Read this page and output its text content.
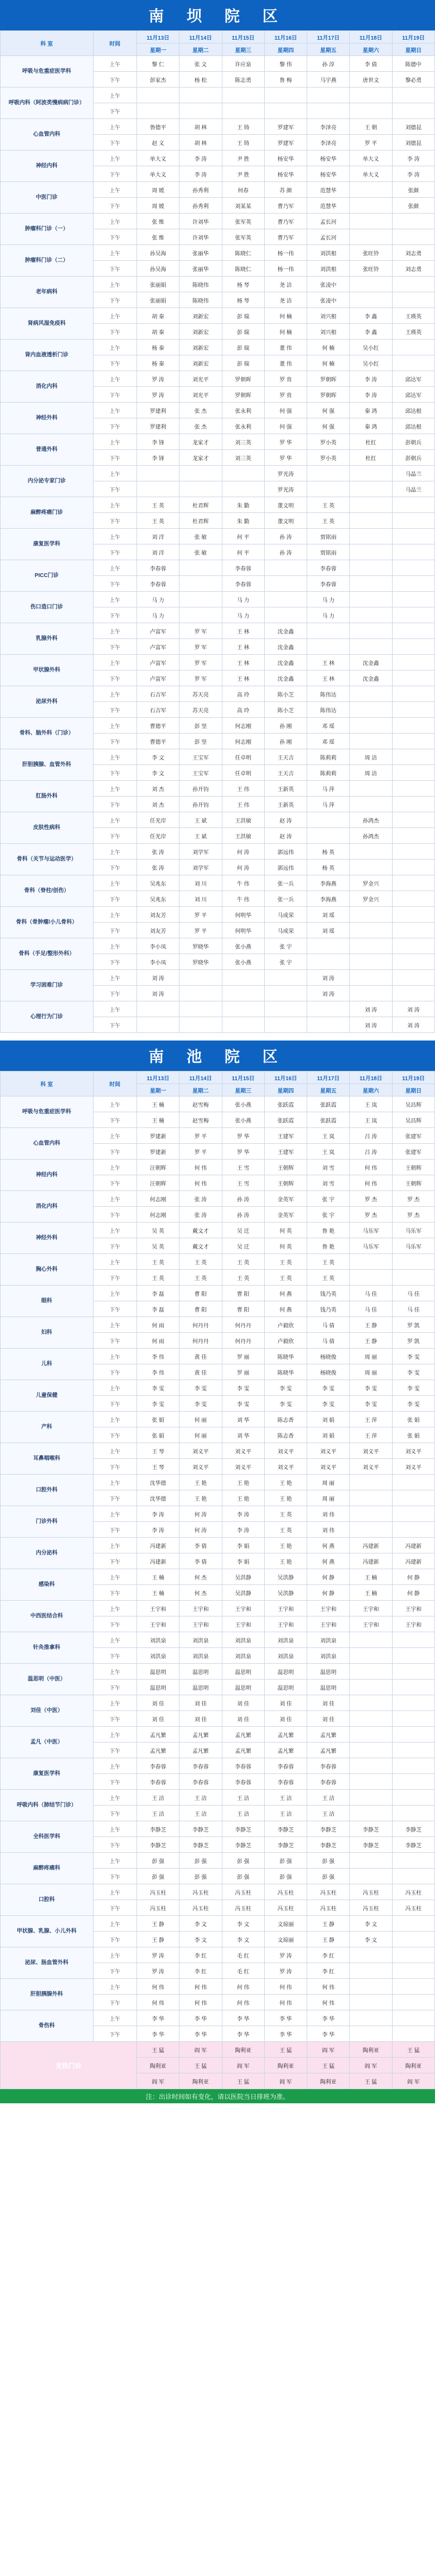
南 坝 院 区
科 室	时间	11月13日	11月14日	11月15日	11月16日	11月17日	11月18日	11月19日
		星期一	星期二	星期三	星期四	星期五	星期六	星期日
呼吸与危重症医学科	上午	黎 仁	张 文	许应泉	黎 伟	孙 淳	李 倩	陈德中
	下午	彭家杰	杨 松	陈志勇	鲁 梅	马宇燕	唐世文	黎必勇
呼吸内科（阿波类慢病病门诊）	上午							
	下午							
心血管内科	上午	鲁德平	胡 林	王 铸	罗建军	李泽亮	王 朝	刘德昆
	下午	赵 义	胡 林	王 铸	罗建军	李泽亮	罗 平	刘德昆
神经内科	上午	单大义	李 涛	尹 胜	杨安华	杨安华	单大义	李 涛
	下午	单大义	李 涛	尹 胜	杨安华	杨安华	单大义	李 涛
中医门诊	上午	周 媛	孙秀利	何春	苏 颜	范慧华		张颜
	下午	周 媛	孙秀利	刘某某	曹乃军	范慧华		张颜
肿瘤科门诊（一）	上午	张 维	许刘华	张军英	曹乃军	孟长河		
	下午	张 维	许刘华	张军英	曹乃军	孟长河		
肿瘤科门诊（二）	上午	孙吴海	张丽华	陈晓仁	杨一伟	刘洪根	张旺铃	刘志勇
	下午	孙吴海	张丽华	陈晓仁	杨一伟	刘洪根	张旺铃	刘志勇
老年病科	上午	张丽娟	陈晓伟	杨 琴	尧 洁	张凌中		
	下午	张丽娟	陈晓伟	杨 琴	尧 洁	张凌中		
肾病风湿免疫科	上午	胡 秦	刘新宏	彭 瑞	何 楠	刘兴根	李 鑫	王瑛英
	下午	胡 秦	刘新宏	彭 瑞	何 楠	刘兴根	李 鑫	王瑛英
肾内血液透析门诊	上午	杨 秦	刘新宏	彭 瑞	董 伟	何 楠	吴小红	
	下午	杨 秦	刘新宏	彭 瑞	董 伟	何 楠	吴小红	
消化内科	上午	罗 涛	刘光平	罗朝晖	罗 贵	罗朝晖	李 涛	邱达军
	下午	罗 涛	刘光平	罗朝晖	罗 贵	罗朝晖	李 涛	邱达军
神经外科	上午	罗建利	张 杰	张永利	何 强	何 强	秦 鸿	邱达根
	下午	罗建利	张 杰	张永利	何 强	何 强	秦 鸿	邱达根
普通外科	上午	李 锋	龙家才	刘三英	罗 华	罗小英	杜红	彭朝兵
	下午	李 锋	龙家才	刘三英	罗 华	罗小英	杜红	彭朝兵
内分泌专家门诊	上午				罗光涛			马晶兰
	下午				罗光涛			马晶兰
麻醉疼痛门诊	上午	王 英	杜君辉	朱 勤	董文明	王 英		
	下午	王 英	杜君辉	朱 勤	董文明	王 英		
康复医学科	上午	刘 洋	张 敏	何 平	孙 涛	贾铭雨		
	下午	刘 洋	张 敏	何 平	孙 涛	贾铭雨		
PICC门诊	上午	李春蓉		李春蓉		李春蓉		
	下午	李春蓉		李春蓉		李春蓉		
伤口造口门诊	上午	马 力		马 力		马 力		
	下午	马 力		马 力		马 力		
乳腺外科	上午	卢富军	罗 军	王 林	沈金鑫			
	下午	卢富军	罗 军	王 林	沈金鑫			
甲状腺外科	上午	卢富军	罗 军	王 林	沈金鑫	王 林	沈金鑫	
	下午	卢富军	罗 军	王 林	沈金鑫	王 林	沈金鑫	
泌尿外科	上午	石吉军	苏天亮	高 玲	陈小芝	陈伟达		
	下午	石吉军	苏天亮	高 玲	陈小芝	陈伟达		
骨科、脑外科（门诊）	上午	曹德平	彭 坚	何志刚	孙 刚	邓 瑶		
	下午	曹德平	彭 坚	何志刚	孙 刚	邓 瑶		
肝胆胰腺、血管外科	上午	李 文	王宝军	任卓明	王天吉	陈莉莉	周 洁	
	下午	李 文	王宝军	任卓明	王天吉	陈莉莉	周 洁	
肛肠外科	上午	刘 杰	孙开钧	王 伟	王新英	马 萍		
	下午	刘 杰	孙开钧	王 伟	王新英	马 萍		
皮肤性病科	上午	任光岸	王 斌	王洪敏	赵 涛		孙鸿杰	
	下午	任光岸	王 斌	王洪敏	赵 涛		孙鸿杰	
骨科（关节与运动医学）	上午	张 涛	刘学军	何 涛	郭远伟	杨 英		
	下午	张 涛	刘学军	何 涛	郭远伟	杨 英		
骨科（脊柱/创伤）	上午	吴兆东	刘 川	牛 伟	张一兵	李海燕	罗金兴	
	下午	吴兆东	刘 川	牛 伟	张一兵	李海燕	罗金兴	
骨科（骨肿瘤/小儿骨科）	上午	刘友芳	罗 平	何明华	马成荣	刘 瑶		
	下午	刘友芳	罗 平	何明华	马成荣	刘 瑶		
骨科（手足/整形外科）	上午	李小凤	罗晓华	张小燕	张 宇			
	下午	李小凤	罗晓华	张小燕	张 宇			
学习困难门诊	上午	刘 涛				刘 涛		
	下午	刘 涛				刘 涛		
心理行为门诊	上午						刘 涛	刘 涛
	下午						刘 涛	刘 涛
南 池 院 区
科 室	时间	11月13日	11月14日	11月15日	11月16日	11月17日	11月18日	11月19日
		星期一	星期二	星期三	星期四	星期五	星期六	星期日
呼吸与危重症医学科	上午	王 楠	赵雪梅	张小燕	张跃霞	张跃霞	王 岚	吴昌辉
	下午	王 楠	赵雪梅	张小燕	张跃霞	张跃霞	王 岚	吴昌辉
心血管内科	上午	罗建新	罗 平	罗 华	王建军	王 岚	吕 涛	张建军
	下午	罗建新	罗 平	罗 华	王建军	王 岚	吕 涛	张建军
神经内科	上午	汪朝辉	何 伟	王 雪	王朝辉	刘 雪	何 伟	王朝辉
	下午	汪朝辉	何 伟	王 雪	王朝辉	刘 雪	何 伟	王朝辉
消化内科	上午	何志刚	张 涛	孙 涛	金英军	张 宇	罗 杰	罗 杰
	下午	何志刚	张 涛	孙 涛	金英军	张 宇	罗 杰	罗 杰
神经外科	上午	吴 英	戴文才	吴 迁	何 英	鲁 艳	马乐军	马乐军
	下午	吴 英	戴文才	吴 迁	何 英	鲁 艳	马乐军	马乐军
胸心外科	上午	王 英	王 英	王 英	王 英	王 英		
	下午	王 英	王 英	王 英	王 英	王 英		
眼科	上午	李 磊	曹 阳	曹 阳	何 燕	钱乃英	马 佳	马 佳
	下午	李 磊	曹 阳	曹 阳	何 燕	钱乃英	马 佳	马 佳
妇科	上午	何 雨	何丹丹	何丹丹	卢毅欣	马 倩	王 静	罗 凯
	下午	何 雨	何丹丹	何丹丹	卢毅欣	马 倩	王 静	罗 凯
儿科	上午	李 伟	黄 佳	罗 丽	陈晓华	杨晓俊	周 丽	李 雯
	下午	李 伟	黄 佳	罗 丽	陈晓华	杨晓俊	周 丽	李 雯
儿童保健	上午	李 雯	李 雯	李 雯	李 雯	李 雯	李 雯	李 雯
	下午	李 雯	李 雯	李 雯	李 雯	李 雯	李 雯	李 雯
产科	上午	张 娟	何 丽	刘 华	陈志香	刘 娟	王 萍	张 娟
	下午	张 娟	何 丽	刘 华	陈志香	刘 娟	王 萍	张 娟
耳鼻咽喉科	上午	王 琴	刘义平	刘义平	刘义平	刘义平	刘义平	刘义平
	下午	王 琴	刘义平	刘义平	刘义平	刘义平	刘义平	刘义平
口腔外科	上午	沈华德	王 艳	王 艳	王 艳	周 丽		
	下午	沈华德	王 艳	王 艳	王 艳	周 丽		
门诊外科	上午	李 涛	何 涛	李 涛	王 英	刘 伟		
	下午	李 涛	何 涛	李 涛	王 英	刘 伟		
内分泌科	上午	冯建新	李 倩	李 娟	王 艳	何 燕	冯建新	冯建新
	下午	冯建新	李 倩	李 娟	王 艳	何 燕	冯建新	冯建新
感染科	上午	王 楠	何 杰	吴洪静	吴洪静	何 静	王 楠	何 静
	下午	王 楠	何 杰	吴洪静	吴洪静	何 静	王 楠	何 静
中西医结合科	上午	王宇和	王宇和	王宇和	王宇和	王宇和	王宇和	王宇和
	下午	王宇和	王宇和	王宇和	王宇和	王宇和	王宇和	王宇和
针灸推拿科	上午	刘洪泉	刘洪泉	刘洪泉	刘洪泉	刘洪泉		
	下午	刘洪泉	刘洪泉	刘洪泉	刘洪泉	刘洪泉		
温思明（中医）	上午	温思明	温思明	温思明	温思明	温思明		
	下午	温思明	温思明	温思明	温思明	温思明		
刘佳（中医）	上午	刘 佳	刘 佳	刘 佳	刘 佳	刘 佳		
	下午	刘 佳	刘 佳	刘 佳	刘 佳	刘 佳		
孟凡（中医）	上午	孟凡繁	孟凡繁	孟凡繁	孟凡繁	孟凡繁		
	下午	孟凡繁	孟凡繁	孟凡繁	孟凡繁	孟凡繁		
康复医学科	上午	李春蓉	李春蓉	李春蓉	李春蓉	李春蓉		
	下午	李春蓉	李春蓉	李春蓉	李春蓉	李春蓉		
呼吸内科（肺结节门诊）	上午	王 洁	王 洁	王 洁	王 洁	王 洁		
	下午	王 洁	王 洁	王 洁	王 洁	王 洁		
全科医学科	上午	李静芝	李静芝	李静芝	李静芝	李静芝	李静芝	李静芝
	下午	李静芝	李静芝	李静芝	李静芝	李静芝	李静芝	李静芝
麻醉疼痛科	上午	彭 强	彭 强	彭 强	彭 强	彭 强		
	下午	彭 强	彭 强	彭 强	彭 强	彭 强		
口腔科	上午	冯玉柱	冯玉柱	冯玉柱	冯玉柱	冯玉柱	冯玉柱	冯玉柱
	下午	冯玉柱	冯玉柱	冯玉柱	冯玉柱	冯玉柱	冯玉柱	冯玉柱
甲状腺、乳腺、小儿外科	上午	王 静	李 文	李 文	文琼丽	王 静	李 文	
	下午	王 静	李 文	李 文	文琼丽	王 静	李 文	
泌尿、肠血管外科	上午	罗 涛	李 红	毛 红	罗 涛	李 红		
	下午	罗 涛	李 红	毛 红	罗 涛	李 红		
肝胆胰腺外科	上午	何 伟	何 伟	何 伟	何 伟	何 伟		
	下午	何 伟	何 伟	何 伟	何 伟	何 伟		
骨伤科	上午	李 华	李 华	李 华	李 华	李 华		
	下午	李 华	李 华	李 华	李 华	李 华		
发热门诊		王 猛	阎 军	陶利亚	王 猛	阎 军	陶利亚	王 猛
		陶利亚	王 猛	阎 军	陶利亚	王 猛	阎 军	陶利亚
		阎 军	陶利亚	王 猛	阎 军	陶利亚	王 猛	阎 军
注：出诊时间如有变化，请以医院当日排班为准。
